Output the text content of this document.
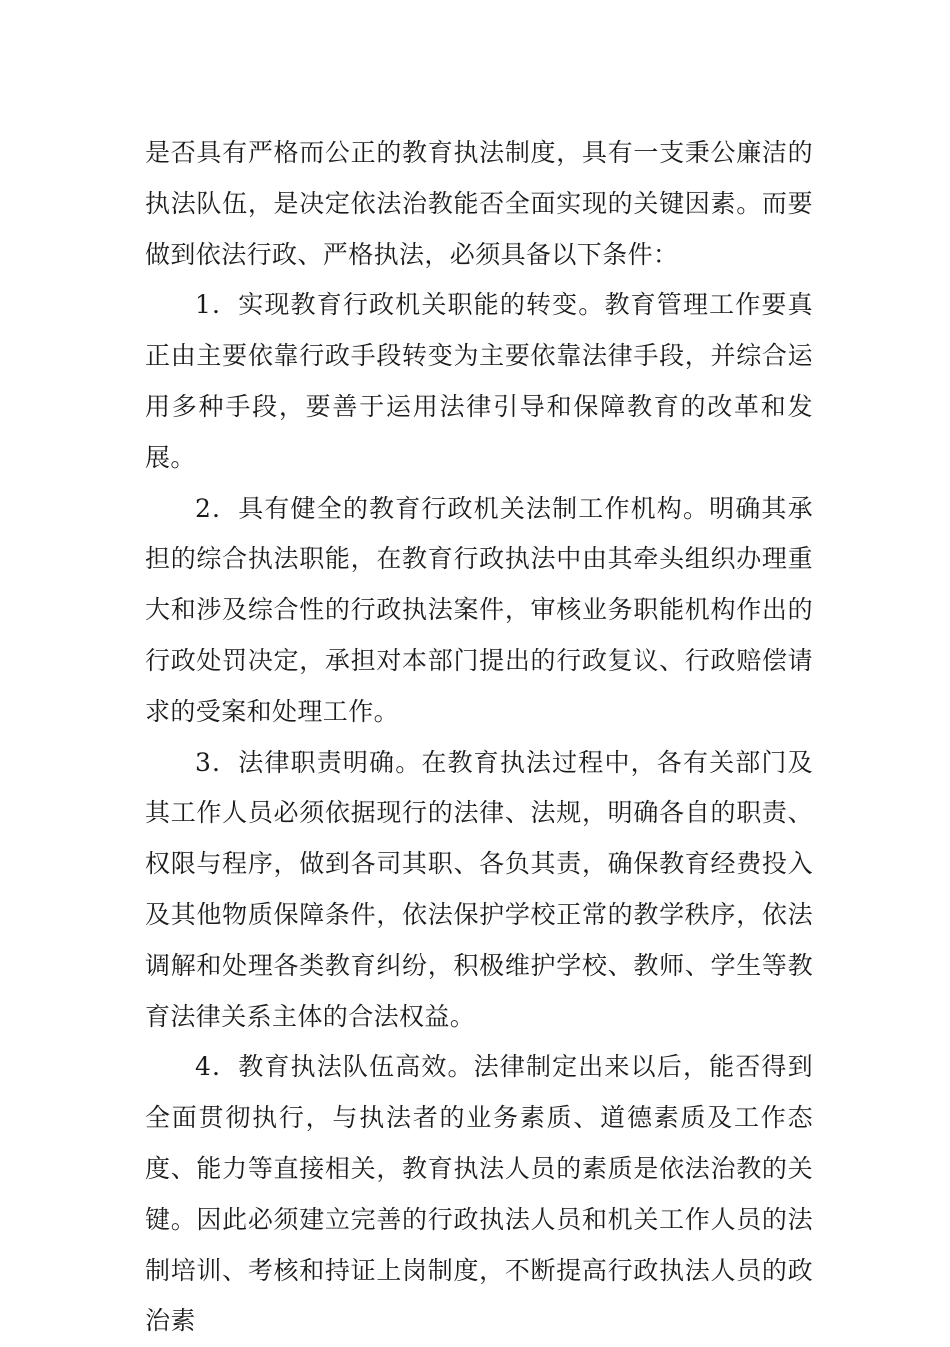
是否具有严格而公正的教育执法制度，具有一支秉公廉洁的执法队伍，是决定依法治教能否全面实现的关键因素。而要做到依法行政、严格执法，必须具备以下条件：

1．实现教育行政机关职能的转变。教育管理工作要真正由主要依靠行政手段转变为主要依靠法律手段，并综合运用多种手段，要善于运用法律引导和保障教育的改革和发展。

2．具有健全的教育行政机关法制工作机构。明确其承担的综合执法职能，在教育行政执法中由其牵头组织办理重大和涉及综合性的行政执法案件，审核业务职能机构作出的行政处罚决定，承担对本部门提出的行政复议、行政赔偿请求的受案和处理工作。

3．法律职责明确。在教育执法过程中，各有关部门及其工作人员必须依据现行的法律、法规，明确各自的职责、权限与程序，做到各司其职、各负其责，确保教育经费投入及其他物质保障条件，依法保护学校正常的教学秩序，依法调解和处理各类教育纠纷，积极维护学校、教师、学生等教育法律关系主体的合法权益。

4．教育执法队伍高效。法律制定出来以后，能否得到全面贯彻执行，与执法者的业务素质、道德素质及工作态度、能力等直接相关，教育执法人员的素质是依法治教的关键。因此必须建立完善的行政执法人员和机关工作人员的法制培训、考核和持证上岗制度，不断提高行政执法人员的政治素
